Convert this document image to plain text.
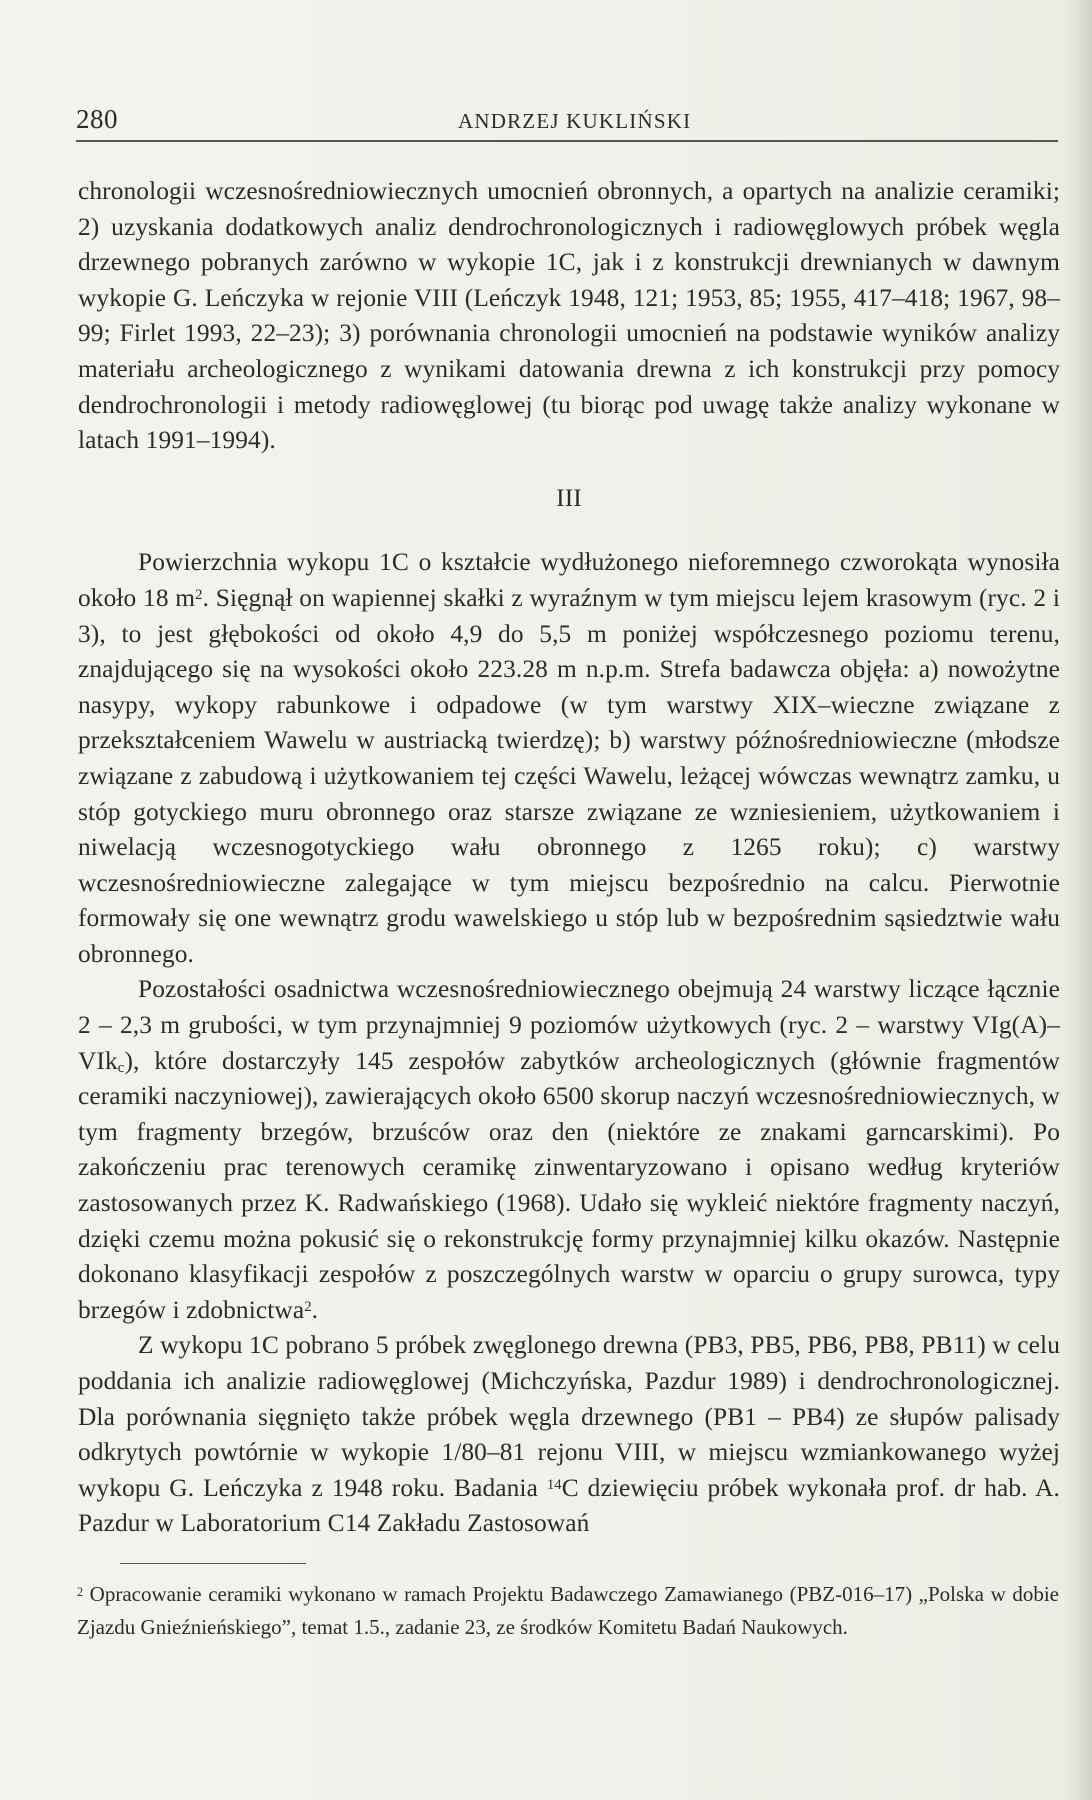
280	ANDRZEJ KUKLIŃSKI

chronologii wczesnośredniowiecznych umocnień obronnych, a opartych na analizie ceramiki; 2) uzyskania dodatkowych analiz dendrochronologicznych i radiowęglowych próbek węgla drzewnego pobranych zarówno w wykopie 1C, jak i z konstrukcji drewnianych w dawnym wykopie G. Leńczyka w rejonie VIII (Leńczyk 1948, 121; 1953, 85; 1955, 417–418; 1967, 98–99; Firlet 1993, 22–23); 3) porównania chronologii umocnień na podstawie wyników analizy materiału archeologicznego z wynikami datowania drewna z ich konstrukcji przy pomocy dendrochronologii i metody radiowęglowej (tu biorąc pod uwagę także analizy wykonane w latach 1991–1994).

III

Powierzchnia wykopu 1C o kształcie wydłużonego nieforemnego czworokąta wynosiła około 18 $m^2$. Sięgnął on wapiennej skałki z wyraźnym w tym miejscu lejem krasowym (ryc. 2 i 3), to jest głębokości od około 4,9 do 5,5 m poniżej współczesnego poziomu terenu, znajdującego się na wysokości około 223.28 m n.p.m. Strefa badawcza objęła: a) nowożytne nasypy, wykopy rabunkowe i odpadowe (w tym warstwy XIX–wieczne związane z przekształceniem Wawelu w austriacką twierdzę); b) warstwy późnośredniowieczne (młodsze związane z zabudową i użytkowaniem tej części Wawelu, leżącej wówczas wewnątrz zamku, u stóp gotyckiego muru obronnego oraz starsze związane ze wzniesieniem, użytkowaniem i niwelacją wczesnogotyckiego wału obronnego z 1265 roku); c) warstwy wczesnośredniowieczne zalegające w tym miejscu bezpośrednio na calcu. Pierwotnie formowały się one wewnątrz grodu wawelskiego u stóp lub w bezpośrednim sąsiedztwie wału obronnego.

Pozostałości osadnictwa wczesnośredniowiecznego obejmują 24 warstwy liczące łącznie 2 – 2,3 m grubości, w tym przynajmniej 9 poziomów użytkowych (ryc. 2 – warstwy VIg(A)–VIk$_c$), które dostarczyły 145 zespołów zabytków archeologicznych (głównie fragmentów ceramiki naczyniowej), zawierających około 6500 skorup naczyń wczesnośredniowiecznych, w tym fragmenty brzegów, brzuśców oraz den (niektóre ze znakami garncarskimi). Po zakończeniu prac terenowych ceramikę zinwentaryzowano i opisano według kryteriów zastosowanych przez K. Radwańskiego (1968). Udało się wykleić niektóre fragmenty naczyń, dzięki czemu można pokusić się o rekonstrukcję formy przynajmniej kilku okazów. Następnie dokonano klasyfikacji zespołów z poszczególnych warstw w oparciu o grupy surowca, typy brzegów i zdobnictwa$^2$.

Z wykopu 1C pobrano 5 próbek zwęglonego drewna (PB3, PB5, PB6, PB8, PB11) w celu poddania ich analizie radiowęglowej (Michczyńska, Pazdur 1989) i dendrochronologicznej. Dla porównania sięgnięto także próbek węgla drzewnego (PB1 – PB4) ze słupów palisady odkrytych powtórnie w wykopie 1/80–81 rejonu VIII, w miejscu wzmiankowanego wyżej wykopu G. Leńczyka z 1948 roku. Badania $^{14}$C dziewięciu próbek wykonała prof. dr hab. A. Pazdur w Laboratorium C14 Zakładu Zastosowań

$^2$ Opracowanie ceramiki wykonano w ramach Projektu Badawczego Zamawianego (PBZ-016–17) „Polska w dobie Zjazdu Gnieźnieńskiego”, temat 1.5., zadanie 23, ze środków Komitetu Badań Naukowych.
